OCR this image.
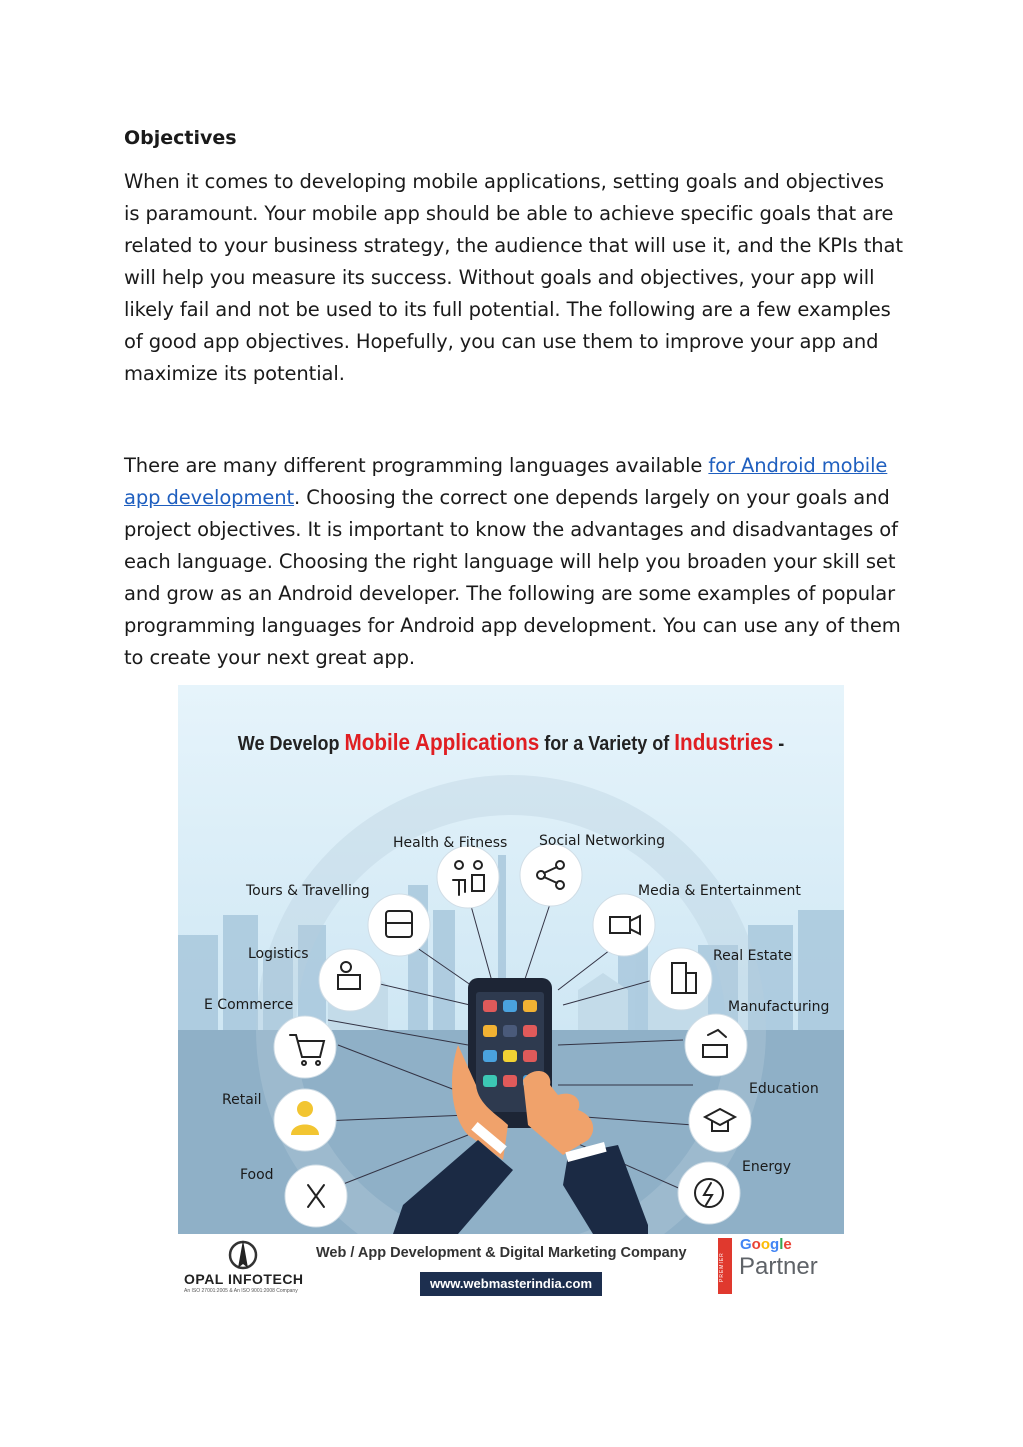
Objectives

When it comes to developing mobile applications, setting goals and objectives is paramount. Your mobile app should be able to achieve specific goals that are related to your business strategy, the audience that will use it, and the KPIs that will help you measure its success. Without goals and objectives, your app will likely fail and not be used to its full potential. The following are a few examples of good app objectives. Hopefully, you can use them to improve your app and maximize its potential.

There are many different programming languages available for Android mobile app development. Choosing the correct one depends largely on your goals and project objectives. It is important to know the advantages and disadvantages of each language. Choosing the right language will help you broaden your skill set and grow as an Android developer. The following are some examples of popular programming languages for Android app development. You can use any of them to create your next great app.

We Develop Mobile Applications for a Variety of Industries -
Health & Fitness Social Networking
Tours & Travelling	Media & Entertainment
Logistics	Real Estate
E Commerce	Manufacturing
Retail
Education
Food	Energy
OPAL INFOTECH
An ISO 27001:2005 & An ISO 9001:2008 Company
Web / App Development & Digital Marketing Company
www.webmasterindia.com
PREMIER
Google
Partner
